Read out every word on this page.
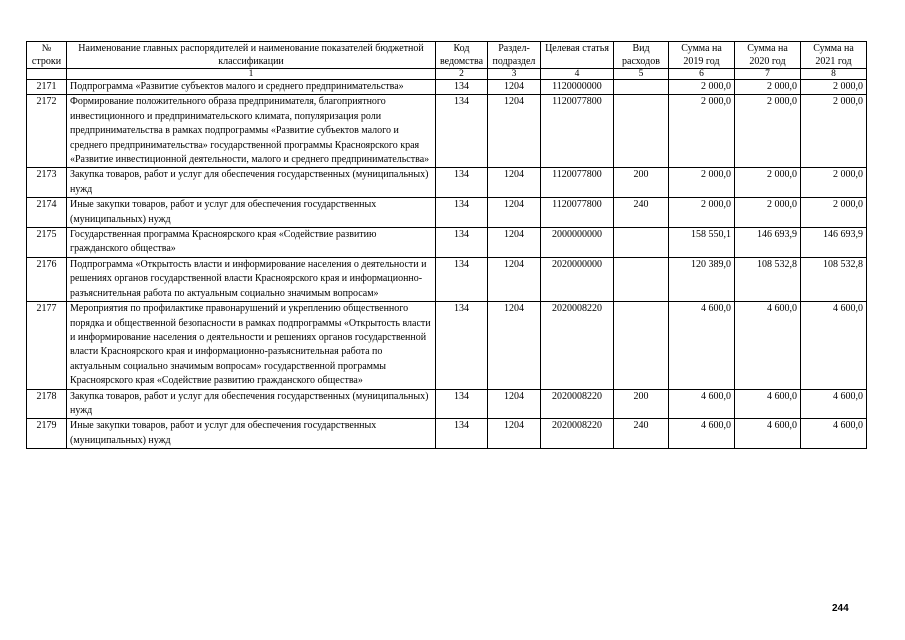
№ строки	Наименование главных распорядителей и наименование показателей бюджетной классификации	Код ведомства	Раздел-подраздел	Целевая статья	Вид расходов	Сумма на 2019 год	Сумма на 2020 год	Сумма на 2021 год
	1	2	3	4	5	6	7	8
2171	Подпрограмма «Развитие субъектов малого и среднего предпринимательства»	134	1204	1120000000		2 000,0	2 000,0	2 000,0
2172	Формирование положительного образа предпринимателя, благоприятного инвестиционного и предпринимательского климата, популяризация роли предпринимательства в рамках подпрограммы «Развитие субъектов малого и среднего предпринимательства» государственной программы Красноярского края «Развитие инвестиционной деятельности, малого и среднего предпринимательства»	134	1204	1120077800		2 000,0	2 000,0	2 000,0
2173	Закупка товаров, работ и услуг для обеспечения государственных (муниципальных) нужд	134	1204	1120077800	200	2 000,0	2 000,0	2 000,0
2174	Иные закупки товаров, работ и услуг для обеспечения государственных (муниципальных) нужд	134	1204	1120077800	240	2 000,0	2 000,0	2 000,0
2175	Государственная программа Красноярского края «Содействие развитию гражданского общества»	134	1204	2000000000		158 550,1	146 693,9	146 693,9
2176	Подпрограмма «Открытость власти и информирование населения о деятельности и решениях органов государственной власти Красноярского края и информационно-разъяснительная работа по актуальным социально значимым вопросам»	134	1204	2020000000		120 389,0	108 532,8	108 532,8
2177	Мероприятия по профилактике правонарушений и укреплению общественного порядка и общественной безопасности в рамках подпрограммы «Открытость власти и информирование населения о деятельности и решениях органов государственной власти Красноярского края и информационно-разъяснительная работа по актуальным социально значимым вопросам» государственной программы Красноярского края «Содействие развитию гражданского общества»	134	1204	2020008220		4 600,0	4 600,0	4 600,0
2178	Закупка товаров, работ и услуг для обеспечения государственных (муниципальных) нужд	134	1204	2020008220	200	4 600,0	4 600,0	4 600,0
2179	Иные закупки товаров, работ и услуг для обеспечения государственных (муниципальных) нужд	134	1204	2020008220	240	4 600,0	4 600,0	4 600,0
244
